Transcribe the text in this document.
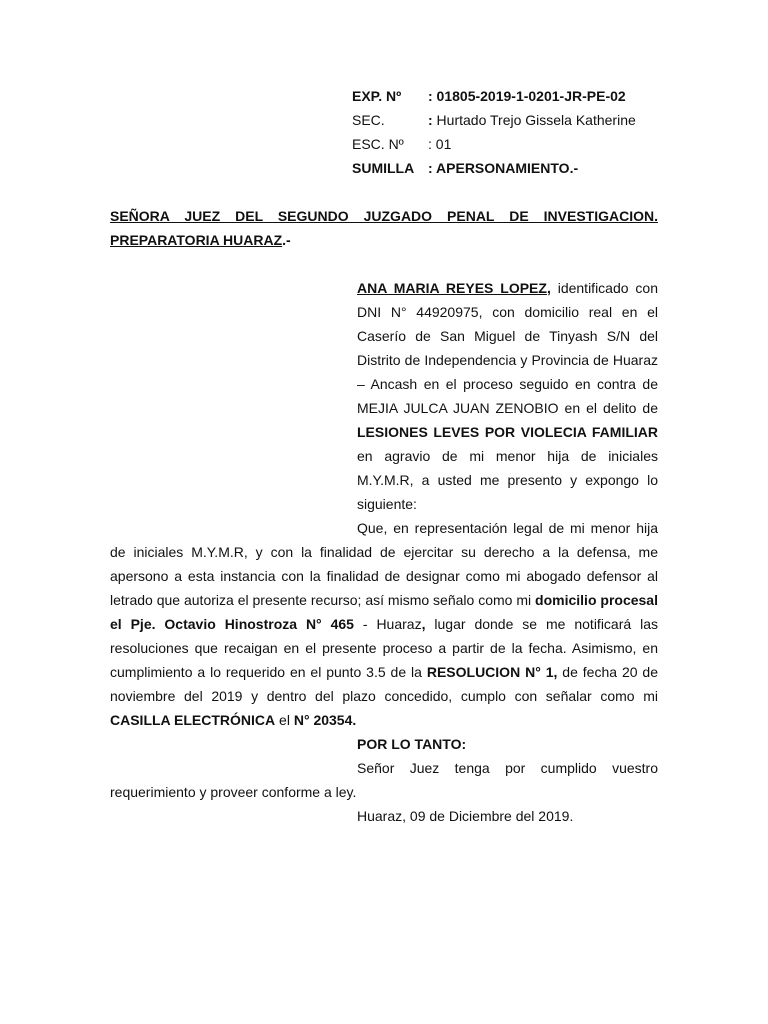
EXP. Nº : 01805-2019-1-0201-JR-PE-02
SEC.	: Hurtado Trejo Gissela Katherine
ESC. Nº : 01
SUMILLA : APERSONAMIENTO.-
SEÑORA JUEZ DEL SEGUNDO JUZGADO PENAL DE INVESTIGACION.
PREPARATORIA HUARAZ.-
ANA MARIA REYES LOPEZ, identificado con DNI N° 44920975, con domicilio real en el Caserío de San Miguel de Tinyash S/N del Distrito de Independencia y Provincia de Huaraz – Ancash en el proceso seguido en contra de MEJIA JULCA JUAN ZENOBIO en el delito de LESIONES LEVES POR VIOLECIA FAMILIAR en agravio de mi menor hija de iniciales M.Y.M.R, a usted me presento y expongo lo siguiente:
Que, en representación legal de mi menor hija de iniciales M.Y.M.R, y con la finalidad de ejercitar su derecho a la defensa, me apersono a esta instancia con la finalidad de designar como mi abogado defensor al letrado que autoriza el presente recurso; así mismo señalo como mi domicilio procesal el Pje. Octavio Hinostroza N° 465 - Huaraz, lugar donde se me notificará las resoluciones que recaigan en el presente proceso a partir de la fecha. Asimismo, en cumplimiento a lo requerido en el punto 3.5 de la RESOLUCION N° 1, de fecha 20 de noviembre del 2019 y dentro del plazo concedido, cumplo con señalar como mi CASILLA ELECTRÓNICA el N° 20354.
POR LO TANTO:
Señor Juez tenga por cumplido vuestro requerimiento y proveer conforme a ley.
Huaraz, 09 de Diciembre del 2019.
